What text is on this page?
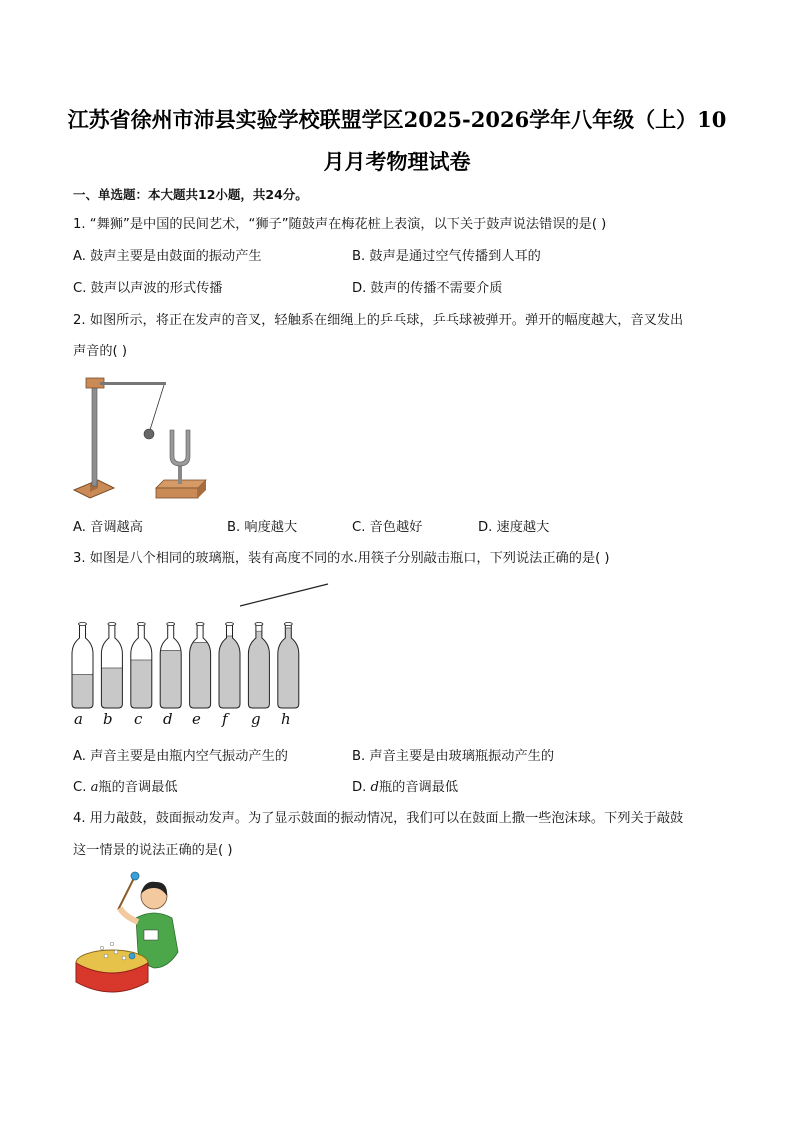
江苏省徐州市沛县实验学校联盟学区2025-2026学年八年级（上）10
月月考物理试卷
一、单选题：本大题共12小题，共24分。
1. “舞狮”是中国的民间艺术，“狮子”随鼓声在梅花桩上表演，以下关于鼓声说法错误的是( )
A. 鼓声主要是由鼓面的振动产生	B. 鼓声是通过空气传播到人耳的
C. 鼓声以声波的形式传播	D. 鼓声的传播不需要介质
2. 如图所示，将正在发声的音叉，轻触系在细绳上的乒乓球，乒乓球被弹开。弹开的幅度越大，音叉发出
声音的( )
A. 音调越高	B. 响度越大	C. 音色越好	D. 速度越大
3. 如图是八个相同的玻璃瓶，装有高度不同的水.用筷子分别敲击瓶口，下列说法正确的是( )
a b c d e f g h
A. 声音主要是由瓶内空气振动产生的	B. 声音主要是由玻璃瓶振动产生的
C. a瓶的音调最低	D. d瓶的音调最低
4. 用力敲鼓，鼓面振动发声。为了显示鼓面的振动情况，我们可以在鼓面上撒一些泡沫球。下列关于敲鼓
这一情景的说法正确的是( )
